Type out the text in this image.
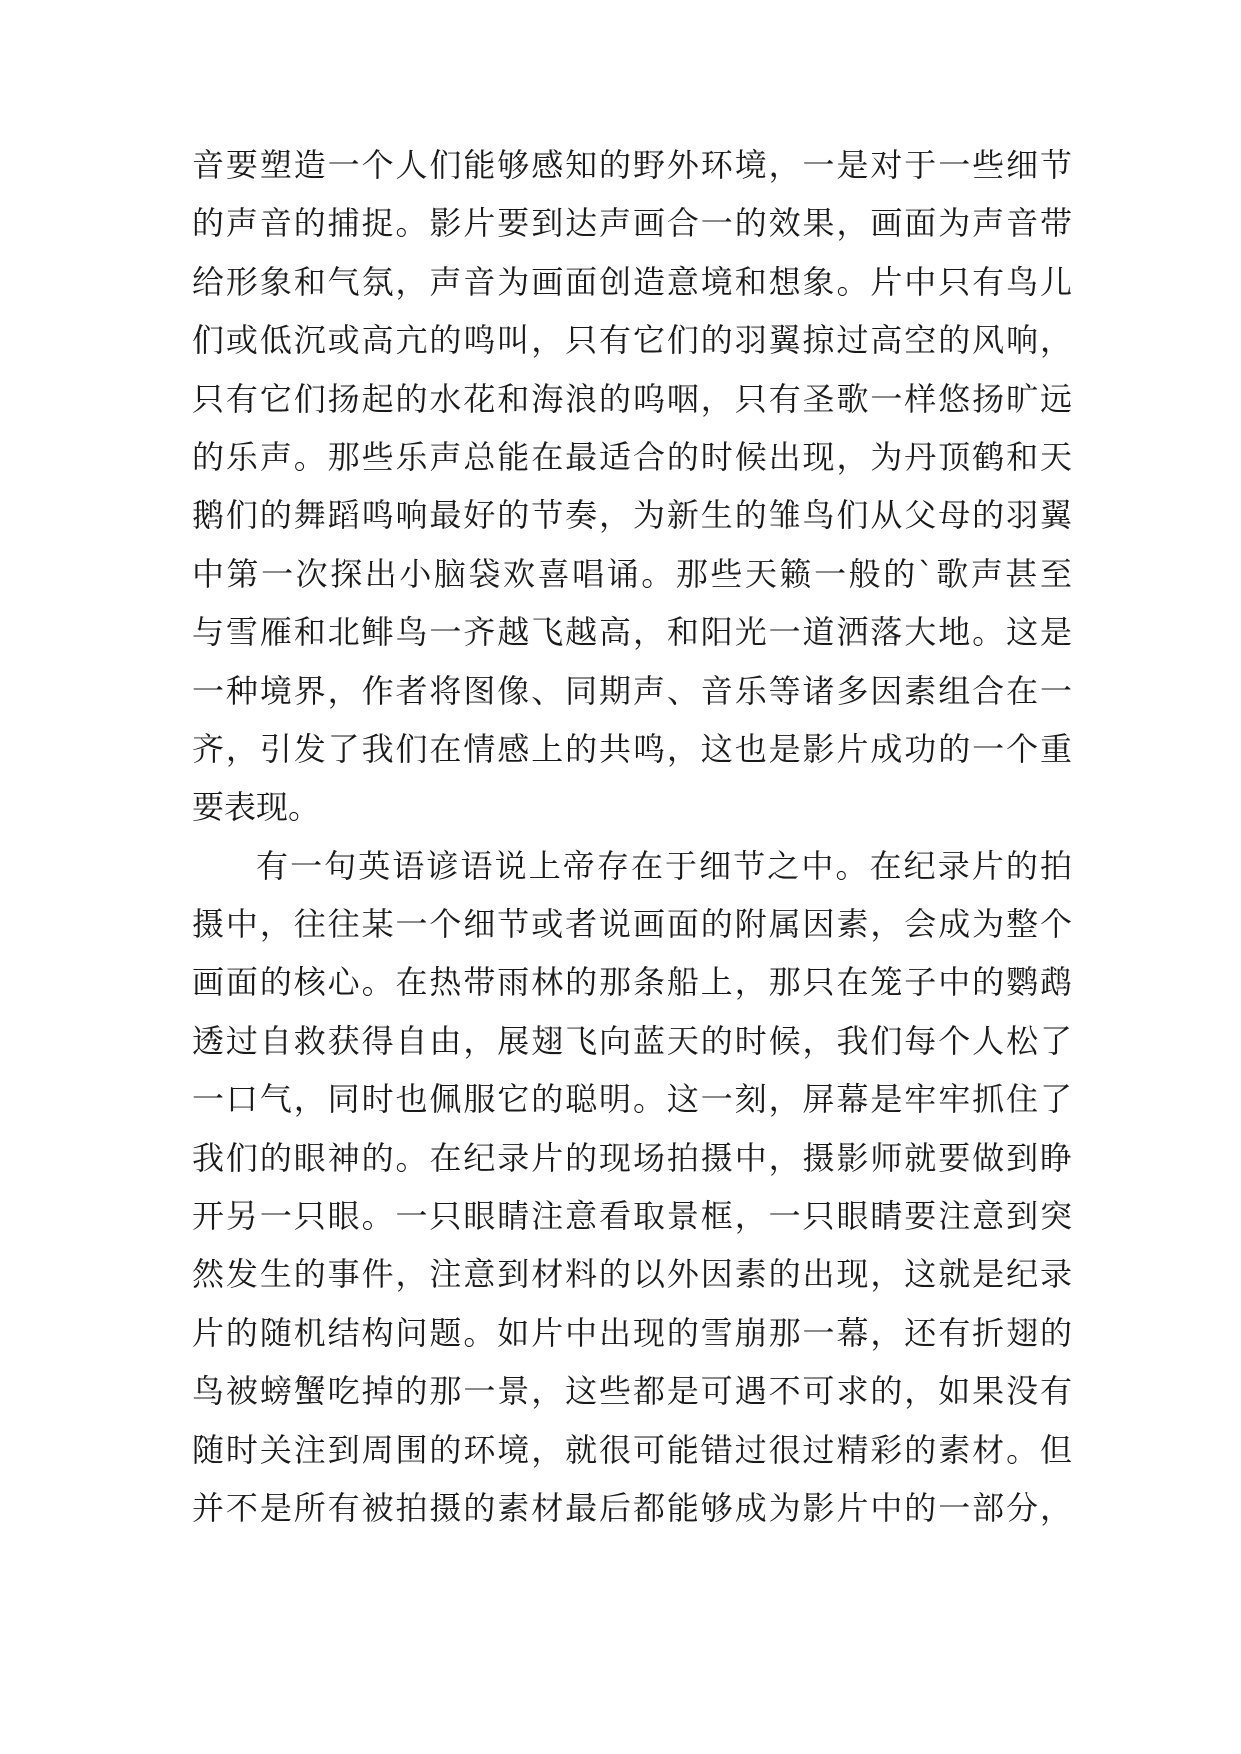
音要塑造一个人们能够感知的野外环境，一是对于一些细节
的声音的捕捉。影片要到达声画合一的效果，画面为声音带
给形象和气氛，声音为画面创造意境和想象。片中只有鸟儿
们或低沉或高亢的鸣叫，只有它们的羽翼掠过高空的风响，
只有它们扬起的水花和海浪的呜咽，只有圣歌一样悠扬旷远
的乐声。那些乐声总能在最适合的时候出现，为丹顶鹤和天
鹅们的舞蹈鸣响最好的节奏，为新生的雏鸟们从父母的羽翼
中第一次探出小脑袋欢喜唱诵。那些天籁一般的`歌声甚至
与雪雁和北鲱鸟一齐越飞越高，和阳光一道洒落大地。这是
一种境界，作者将图像、同期声、音乐等诸多因素组合在一
齐，引发了我们在情感上的共鸣，这也是影片成功的一个重
要表现。
有一句英语谚语说上帝存在于细节之中。在纪录片的拍
摄中，往往某一个细节或者说画面的附属因素，会成为整个
画面的核心。在热带雨林的那条船上，那只在笼子中的鹦鹉
透过自救获得自由，展翅飞向蓝天的时候，我们每个人松了
一口气，同时也佩服它的聪明。这一刻，屏幕是牢牢抓住了
我们的眼神的。在纪录片的现场拍摄中，摄影师就要做到睁
开另一只眼。一只眼睛注意看取景框，一只眼睛要注意到突
然发生的事件，注意到材料的以外因素的出现，这就是纪录
片的随机结构问题。如片中出现的雪崩那一幕，还有折翅的
鸟被螃蟹吃掉的那一景，这些都是可遇不可求的，如果没有
随时关注到周围的环境，就很可能错过很过精彩的素材。但
并不是所有被拍摄的素材最后都能够成为影片中的一部分，
